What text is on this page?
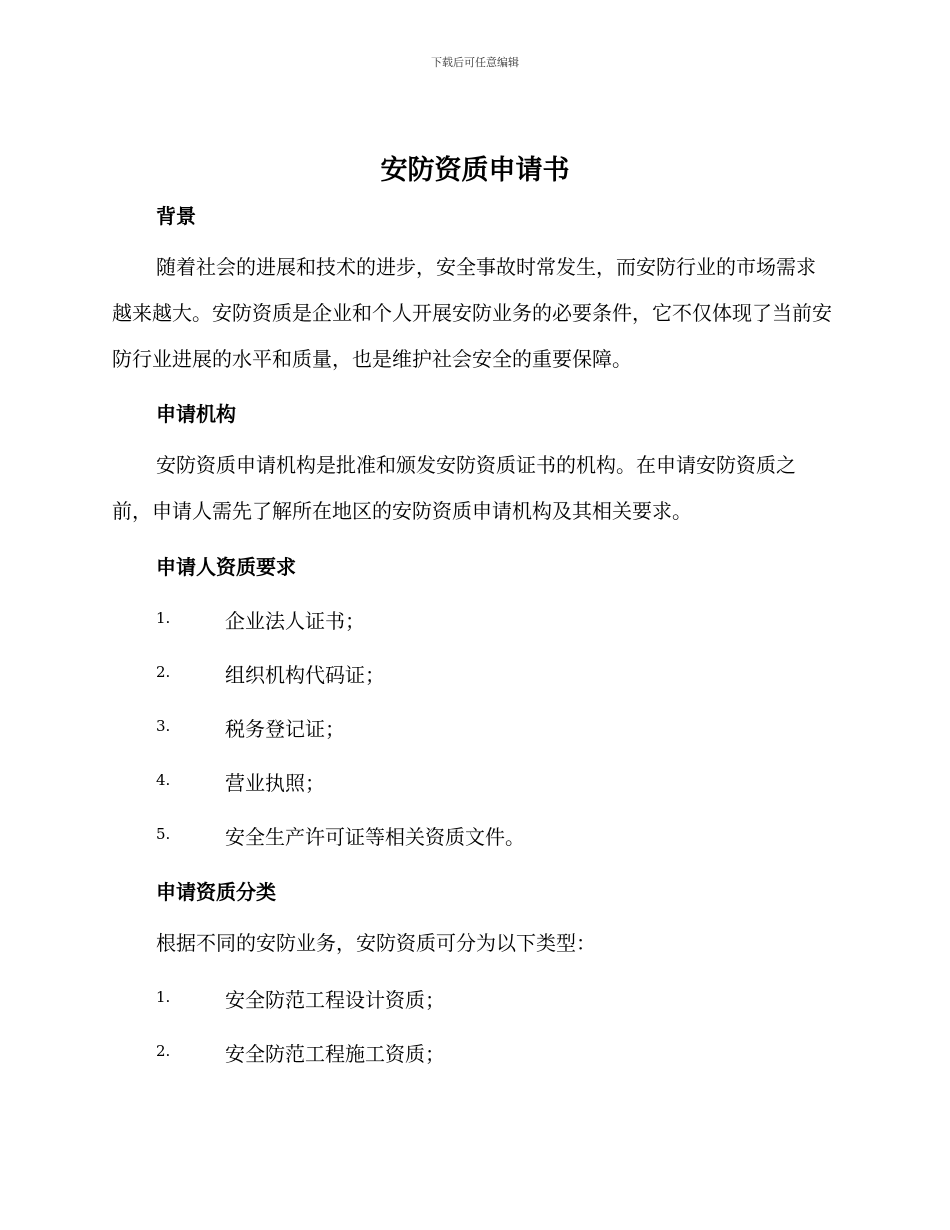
下载后可任意编辑
安防资质申请书
背景

随着社会的进展和技术的进步，安全事故时常发生，而安防行业的市场需求越来越大。安防资质是企业和个人开展安防业务的必要条件，它不仅体现了当前安防行业进展的水平和质量，也是维护社会安全的重要保障。

申请机构

安防资质申请机构是批准和颁发安防资质证书的机构。在申请安防资质之前，申请人需先了解所在地区的安防资质申请机构及其相关要求。

申请人资质要求
1.	企业法人证书；
2.	组织机构代码证；
3.	税务登记证；
4.	营业执照；
5.	安全生产许可证等相关资质文件。
申请资质分类

根据不同的安防业务，安防资质可分为以下类型：

1.	安全防范工程设计资质；
2.	安全防范工程施工资质；
